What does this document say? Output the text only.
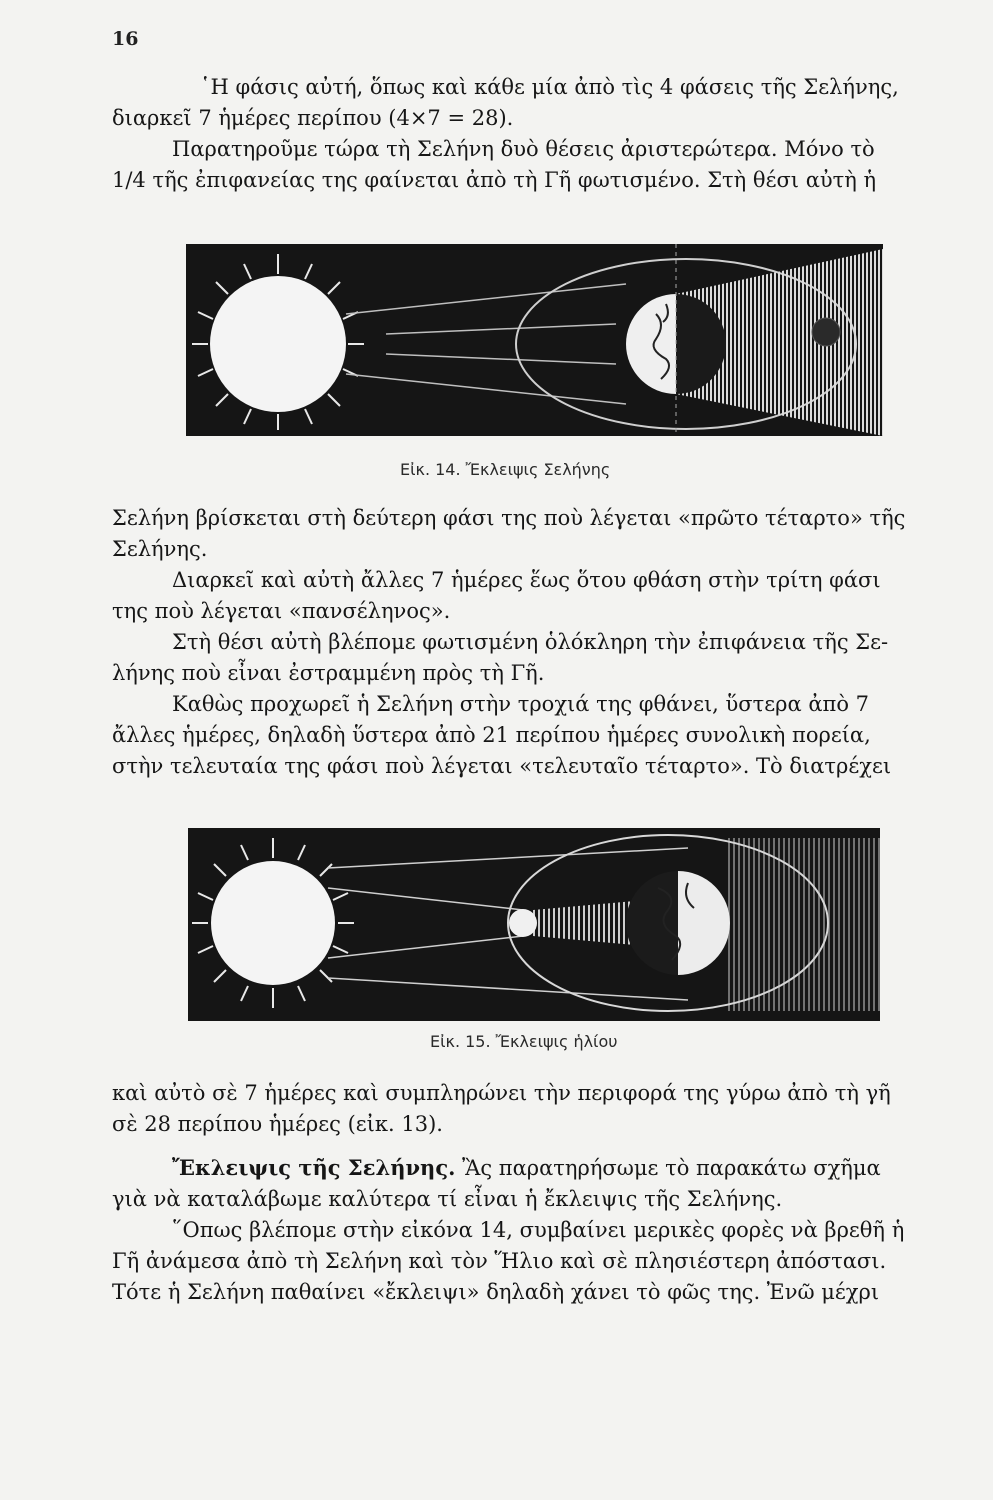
16
῾Η φάσις αὐτή, ὅπως καὶ κάθε μία ἀπὸ τὶς 4 φάσεις τῆς Σελήνης,
διαρκεῖ 7 ἡμέρες περίπου (4×7 = 28).
Παρατηροῦμε τώρα τὴ Σελήνη δυὸ θέσεις ἀριστερώτερα. Μόνο τὸ
1/4 τῆς ἐπιφανείας της φαίνεται ἀπὸ τὴ Γῆ φωτισμένο. Στὴ θέσι αὐτὴ ἡ
Εἰκ. 14. Ἔκλειψις Σελήνης
Σελήνη βρίσκεται στὴ δεύτερη φάσι της ποὺ λέγεται «πρῶτο τέταρτο» τῆς
Σελήνης.
Διαρκεῖ καὶ αὐτὴ ἄλλες 7 ἡμέρες ἕως ὅτου φθάση στὴν τρίτη φάσι
της ποὺ λέγεται «πανσέληνος».
Στὴ θέσι αὐτὴ βλέπομε φωτισμένη ὁλόκληρη τὴν ἐπιφάνεια τῆς Σε-
λήνης ποὺ εἶναι ἐστραμμένη πρὸς τὴ Γῆ.
Καθὼς προχωρεῖ ἡ Σελήνη στὴν τροχιά της φθάνει, ὕστερα ἀπὸ 7
ἄλλες ἡμέρες, δηλαδὴ ὕστερα ἀπὸ 21 περίπου ἡμέρες συνολικὴ πορεία,
στὴν τελευταία της φάσι ποὺ λέγεται «τελευταῖο τέταρτο». Τὸ διατρέχει
Εἰκ. 15. Ἔκλειψις ἡλίου
καὶ αὐτὸ σὲ 7 ἡμέρες καὶ συμπληρώνει τὴν περιφορά της γύρω ἀπὸ τὴ γῆ
σὲ 28 περίπου ἡμέρες (εἰκ. 13).
Ἔκλειψις τῆς Σελήνης. Ἂς παρατηρήσωμε τὸ παρακάτω σχῆμα
γιὰ νὰ καταλάβωμε καλύτερα τί εἶναι ἡ ἔκλειψις τῆς Σελήνης.
῞Οπως βλέπομε στὴν εἰκόνα 14, συμβαίνει μερικὲς φορὲς νὰ βρεθῆ ἡ
Γῆ ἀνάμεσα ἀπὸ τὴ Σελήνη καὶ τὸν Ἥλιο καὶ σὲ πλησιέστερη ἀπόστασι.
Τότε ἡ Σελήνη παθαίνει «ἔκλειψι» δηλαδὴ χάνει τὸ φῶς της. Ἐνῶ μέχρι
